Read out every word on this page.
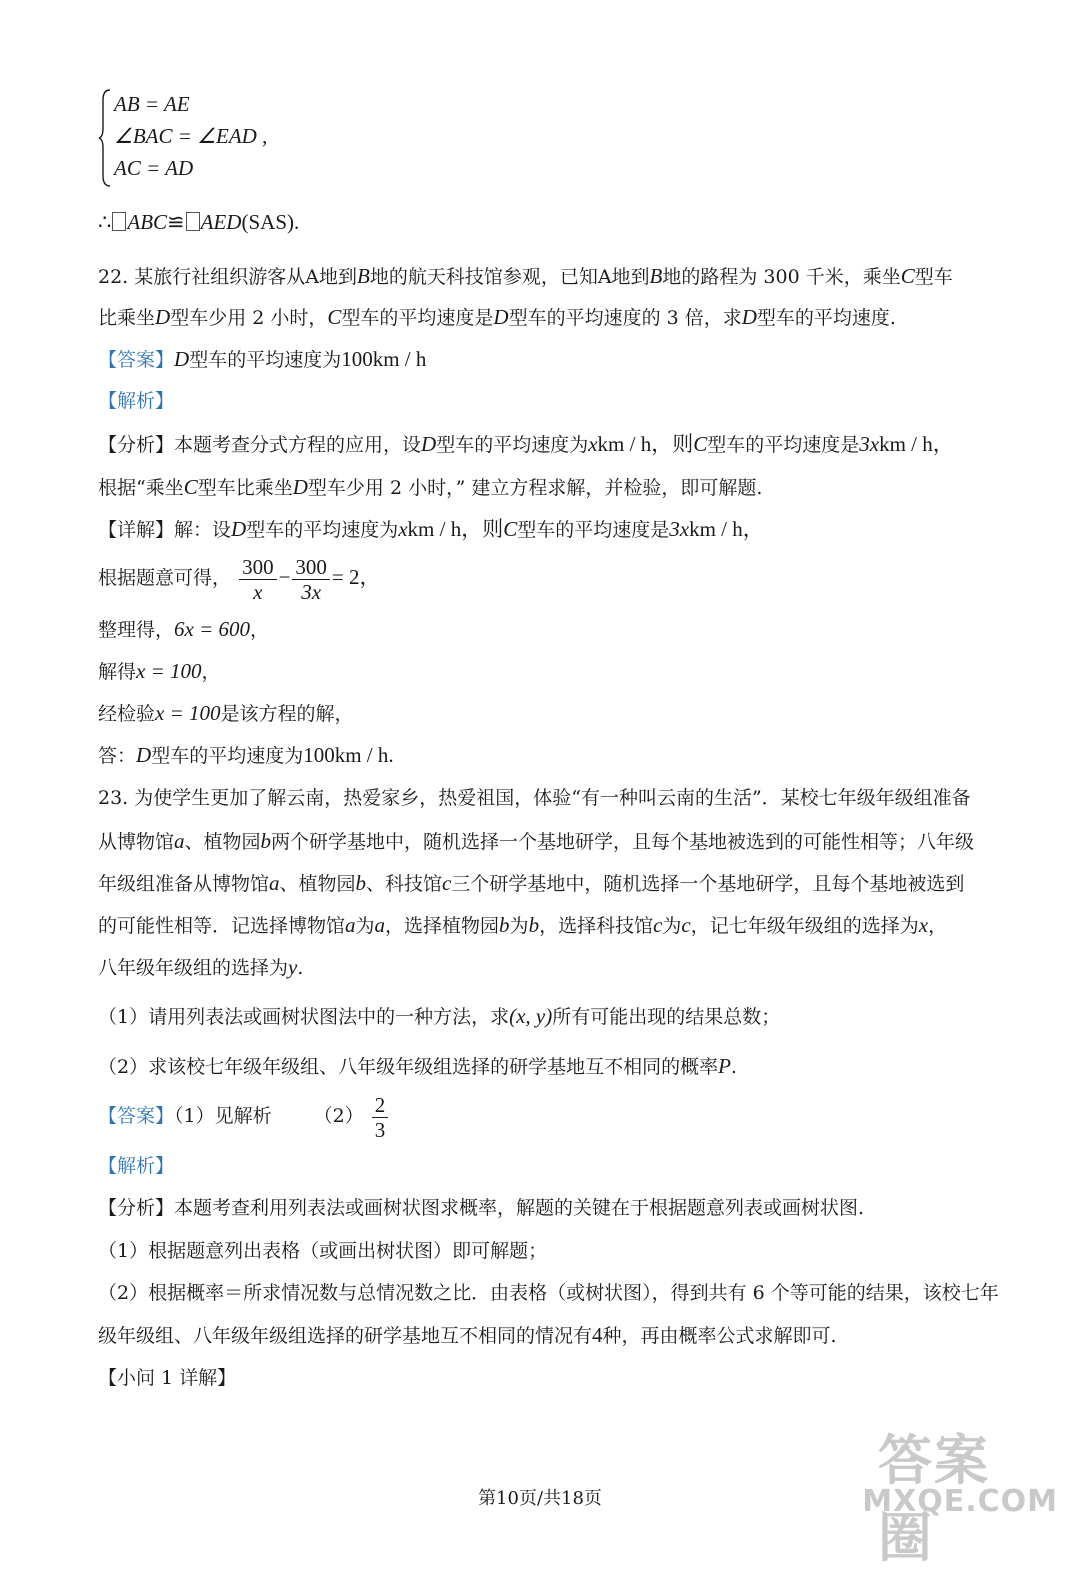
AB = AE
∠BAC = ∠EAD ,
AC = AD
∴ ABC≌ AED(SAS).
22. 某旅行社组织游客从A地到B地的航天科技馆参观，已知A地到B地的路程为 300 千米，乘坐C型车
比乘坐D型车少用 2 小时，C型车的平均速度是D型车的平均速度的 3 倍，求D型车的平均速度.
【答案】D型车的平均速度为100km / h
【解析】
【分析】本题考查分式方程的应用，设D型车的平均速度为xkm / h，则C型车的平均速度是3xkm / h，
根据“乘坐C型车比乘坐D型车少用 2 小时，” 建立方程求解，并检验，即可解题.
【详解】解：设D型车的平均速度为xkm / h，则C型车的平均速度是3xkm / h，
根据题意可得， $\frac{300}{x} - \frac{300}{3x} = 2$，
整理得，6x = 600，
解得x = 100，
经检验x = 100是该方程的解，
答：D型车的平均速度为100km / h.
23. 为使学生更加了解云南，热爱家乡，热爱祖国，体验“有一种叫云南的生活”．某校七年级年级组准备
从博物馆a、植物园b两个研学基地中，随机选择一个基地研学，且每个基地被选到的可能性相等；八年级
年级组准备从博物馆a、植物园b、科技馆c三个研学基地中，随机选择一个基地研学，且每个基地被选到
的可能性相等．记选择博物馆a为a，选择植物园b为b，选择科技馆c为c，记七年级年级组的选择为x，
八年级年级组的选择为y.
（1）请用列表法或画树状图法中的一种方法，求(x, y)所有可能出现的结果总数；
（2）求该校七年级年级组、八年级年级组选择的研学基地互不相同的概率P.
【答案】（1）见解析 $(2) \frac{2}{3}$
【解析】
【分析】本题考查利用列表法或画树状图求概率，解题的关键在于根据题意列表或画树状图.
（1）根据题意列出表格（或画出树状图）即可解题；
（2）根据概率＝所求情况数与总情况数之比．由表格（或树状图），得到共有 6 个等可能的结果，该校七年
级年级组、八年级年级组选择的研学基地互不相同的情况有4种，再由概率公式求解即可.
【小问 1 详解】
第10页/共18页
答案圈
MXQE.COM
